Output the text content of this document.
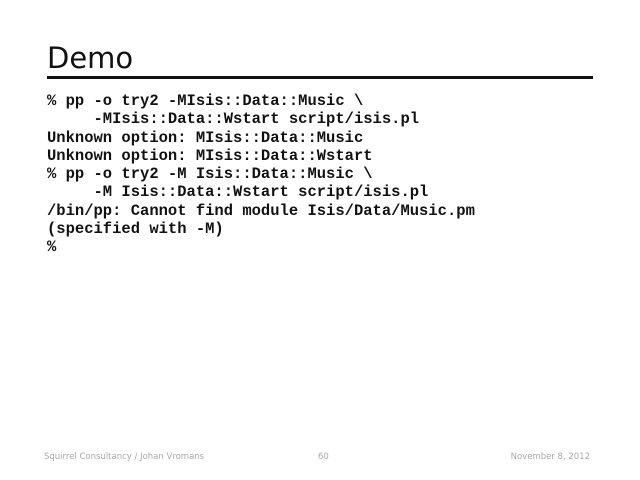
Demo
% pp -o try2 -MIsis::Data::Music \
-MIsis::Data::Wstart script/isis.pl
Unknown option: MIsis::Data::Music
Unknown option: MIsis::Data::Wstart
% pp -o try2 -M Isis::Data::Music \
-M Isis::Data::Wstart script/isis.pl
/bin/pp: Cannot find module Isis/Data/Music.pm
(specified with -M)
%
Squirrel Consultancy / Johan Vromans	60	November 8, 2012
